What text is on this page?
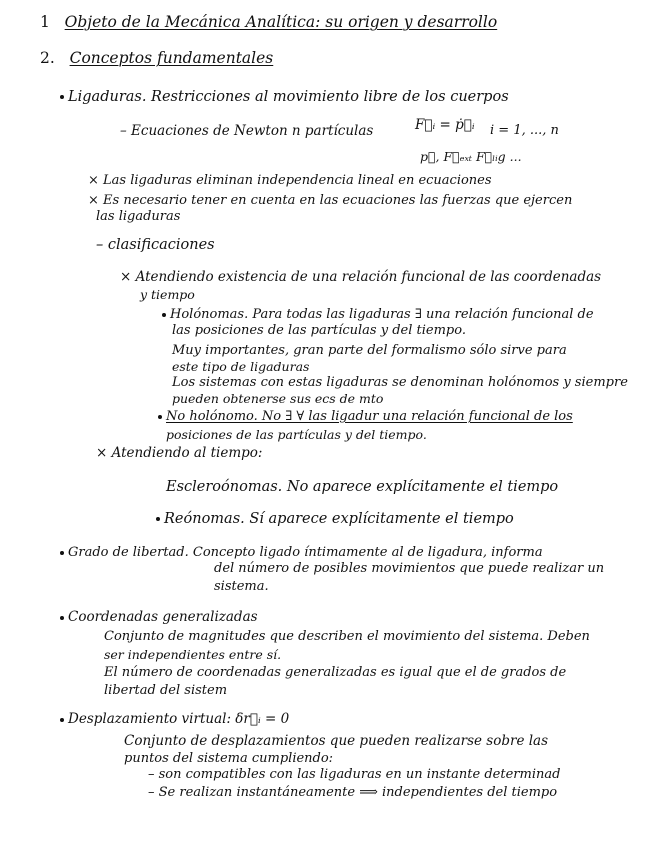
1 Objeto de la Mecánica Analítica: su origen y desarrollo
2. Conceptos fundamentales
Ligaduras. Restricciones al movimiento libre de los cuerpos
– Ecuaciones de Newton n partículas	F⃗ᵢ = ṗ⃗ᵢ i = 1, ..., n
p⃗, F⃗ₑₓₜ F⃗ₗᵢg ...
× Las ligaduras eliminan independencia lineal en ecuaciones
× Es necesario tener en cuenta en las ecuaciones las fuerzas que ejercen
las ligaduras
– clasificaciones
× Atendiendo existencia de una relación funcional de las coordenadas
y tiempo
Holónomas. Para todas las ligaduras ∃ una relación funcional de
las posiciones de las partículas y del tiempo.
Muy importantes, gran parte del formalismo sólo sirve para
este tipo de ligaduras
Los sistemas con estas ligaduras se denominan holónomos y siempre
pueden obtenerse sus ecs de mto
No holónomo. No ∃ ∀ las ligadur una relación funcional de los
posiciones de las partículas y del tiempo.
× Atendiendo al tiempo:
Escleroónomas. No aparece explícitamente el tiempo
Reónomas. Sí aparece explícitamente el tiempo
Grado de libertad. Concepto ligado íntimamente al de ligadura, informa
del número de posibles movimientos que puede realizar un
sistema.
Coordenadas generalizadas
Conjunto de magnitudes que describen el movimiento del sistema. Deben
ser independientes entre sí.
El número de coordenadas generalizadas es igual que el de grados de
libertad del sistem
Desplazamiento virtual: δr⃗ᵢ = 0
Conjunto de desplazamientos que pueden realizarse sobre las
puntos del sistema cumpliendo:
– son compatibles con las ligaduras en un instante determinad
– Se realizan instantáneamente ⟹ independientes del tiempo
